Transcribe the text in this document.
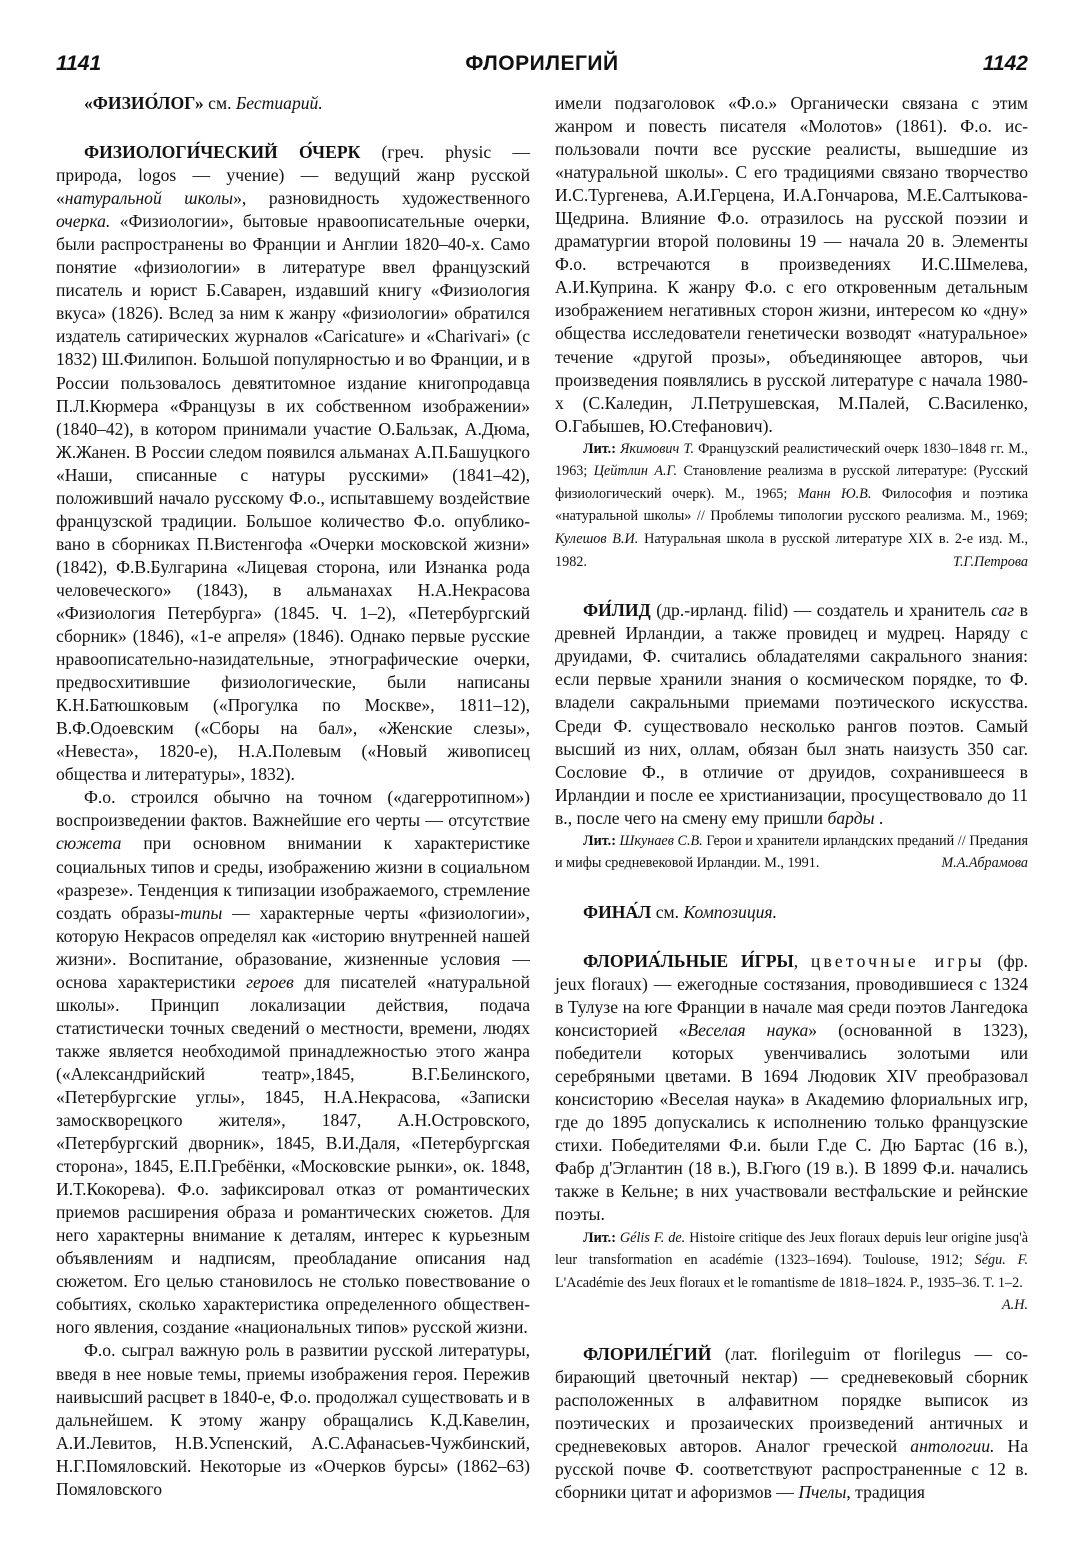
1141	ФЛОРИЛЕГИЙ	1142

«ФИЗИО́ЛОГ» см. Бестиарий.

ФИЗИОЛОГИ́ЧЕСКИЙ О́ЧЕРК (греч. physic — природа, logos — учение) — ведущий жанр русской «натуральной школы», разновидность художественного очерка. «Физиологии», бытовые нравоописательные очерки, были распространены во Франции и Англии 1820–40-х. Само понятие «физиологии» в литературе ввел французский писатель и юрист Б.Саварен, издавший книгу «Физиология вкуса» (1826). Вслед за ним к жанру «физиологии» обратился издатель сатирических журналов «Caricature» и «Charivari» (с 1832) Ш.Филипон. Большой популярностью и во Франции, и в России пользовалось девятитомное издание книгопродавца П.Л.Кюрмера «Французы в их собственном изображении» (1840–42), в котором принимали участие О.Бальзак, А.Дюма, Ж.Жанен. В России следом появился альманах А.П.Башуцкого «Наши, списанные с натуры русскими» (1841–42), положивший начало русскому Ф.о., испытавшему воздействие французской традиции. Большое количество Ф.о. опубликовано в сборниках П.Вистенгофа «Очерки московской жизни» (1842), Ф.В.Булгарина «Лицевая сторона, или Изнанка рода человеческого» (1843), в альманахах Н.А.Некрасова «Физиология Петербурга» (1845. Ч. 1–2), «Петербургский сборник» (1846), «1-е апреля» (1846). Однако первые русские нравоописательно-назидательные, этнографические очерки, предвосхитившие физиологические, были написаны К.Н.Батюшковым («Прогулка по Москве», 1811–12), В.Ф.Одоевским («Сборы на бал», «Женские слезы», «Невеста», 1820-е), Н.А.Полевым («Новый живописец общества и литературы», 1832).

Ф.о. строился обычно на точном («дагерротипном») воспроизведении фактов. Важнейшие его черты — отсутствие сюжета при основном внимании к характеристике социальных типов и среды, изображению жизни в социальном «разрезе». Тенденция к типизации изображаемого, стремление создать образы-типы — характерные черты «физиологии», которую Некрасов определял как «историю внутренней нашей жизни». Воспитание, образование, жизненные условия — основа характеристики героев для писателей «натуральной школы». Принцип локализации действия, подача статистически точных сведений о местности, времени, людях также является необходимой принадлежностью этого жанра («Александрийский театр»,1845, В.Г.Белинского, «Петербургские углы», 1845, Н.А.Некрасова, «Записки замоскворецкого жителя», 1847, А.Н.Островского, «Петербургский дворник», 1845, В.И.Даля, «Петербургская сторона», 1845, Е.П.Гребёнки, «Московские рынки», ок. 1848, И.Т.Кокорева). Ф.о. зафиксировал отказ от романтических приемов расширения образа и романтических сюжетов. Для него характерны внимание к деталям, интерес к курьезным объявлениям и надписям, преобладание описания над сюжетом. Его целью становилось не столько повествование о событиях, сколько характеристика определенного общественного явления, создание «национальных типов» русской жизни.

Ф.о. сыграл важную роль в развитии русской литературы, введя в нее новые темы, приемы изображения героя. Пережив наивысший расцвет в 1840-е, Ф.о. продолжал существовать и в дальнейшем. К этому жанру обращались К.Д.Кавелин, А.И.Левитов, Н.В.Успенский, А.С.Афанасьев-Чужбинский, Н.Г.Помяловский. Некоторые из «Очерков бурсы» (1862–63) Помяловского

имели подзаголовок «Ф.о.» Органически связана с этим жанром и повесть писателя «Молотов» (1861). Ф.о. использовали почти все русские реалисты, вышедшие из «натуральной школы». С его традициями связано творчество И.С.Тургенева, А.И.Герцена, И.А.Гончарова, М.Е.Салтыкова-Щедрина. Влияние Ф.о. отразилось на русской поэзии и драматургии второй половины 19 — начала 20 в. Элементы Ф.о. встречаются в произведениях И.С.Шмелева, А.И.Куприна. К жанру Ф.о. с его откровенным детальным изображением негативных сторон жизни, интересом ко «дну» общества исследователи генетически возводят «натуральное» течение «другой прозы», объединяющее авторов, чьи произведения появлялись в русской литературе с начала 1980-х (С.Каледин, Л.Петрушевская, М.Палей, С.Василенко, О.Габышев, Ю.Стефанович).

Лит.: Якимович Т. Французский реалистический очерк 1830–1848 гг. М., 1963; Цейтлин А.Г. Становление реализма в русской литературе: (Русский физиологический очерк). М., 1965; Манн Ю.В. Философия и поэтика «натуральной школы» // Проблемы типологии русского реализма. М., 1969; Кулешов В.И. Натуральная школа в русской литературе XIX в. 2-е изд. М., 1982.	Т.Г.Петрова

ФИ́ЛИД (др.-ирланд. filid) — создатель и хранитель саг в древней Ирландии, а также провидец и мудрец. Наряду с друидами, Ф. считались обладателями сакрального знания: если первые хранили знания о космическом порядке, то Ф. владели сакральными приемами поэтического искусства. Среди Ф. существовало несколько рангов поэтов. Самый высший из них, оллам, обязан был знать наизусть 350 саг. Сословие Ф., в отличие от друидов, сохранившееся в Ирландии и после ее христианизации, просуществовало до 11 в., после чего на смену ему пришли барды .

Лит.: Шкунаев С.В. Герои и хранители ирландских преданий // Предания и мифы средневековой Ирландии. М., 1991.	М.А.Абрамова

ФИНА́Л см. Композиция.

ФЛОРИА́ЛЬНЫЕ И́ГРЫ, цветочные игры (фр. jeux floraux) — ежегодные состязания, проводившиеся с 1324 в Тулузе на юге Франции в начале мая среди поэтов Лангедока консисторией «Веселая наука» (основанной в 1323), победители которых увенчивались золотыми или серебряными цветами. В 1694 Людовик XIV преобразовал консисторию «Веселая наука» в Академию флориальных игр, где до 1895 допускались к исполнению только французские стихи. Победителями Ф.и. были Г.де С. Дю Бартас (16 в.), Фабр д'Эглантин (18 в.), В.Гюго (19 в.). В 1899 Ф.и. начались также в Кельне; в них участвовали вестфальские и рейнские поэты.

Лит.: Gélis F. de. Histoire critique des Jeux floraux depuis leur origine jusq'à leur transformation en académie (1323–1694). Toulouse, 1912; Ségu. F. L'Académie des Jeux floraux et le romantisme de 1818–1824. P., 1935–36. T. 1–2.
А.Н.

ФЛОРИЛЕ́ГИЙ (лат. florileguim от florilegus — собирающий цветочный нектар) — средневековый сборник расположенных в алфавитном порядке выписок из поэтических и прозаических произведений античных и средневековых авторов. Аналог греческой антологии. На русской почве Ф. соответствуют распространенные с 12 в. сборники цитат и афоризмов — Пчелы, традиция
